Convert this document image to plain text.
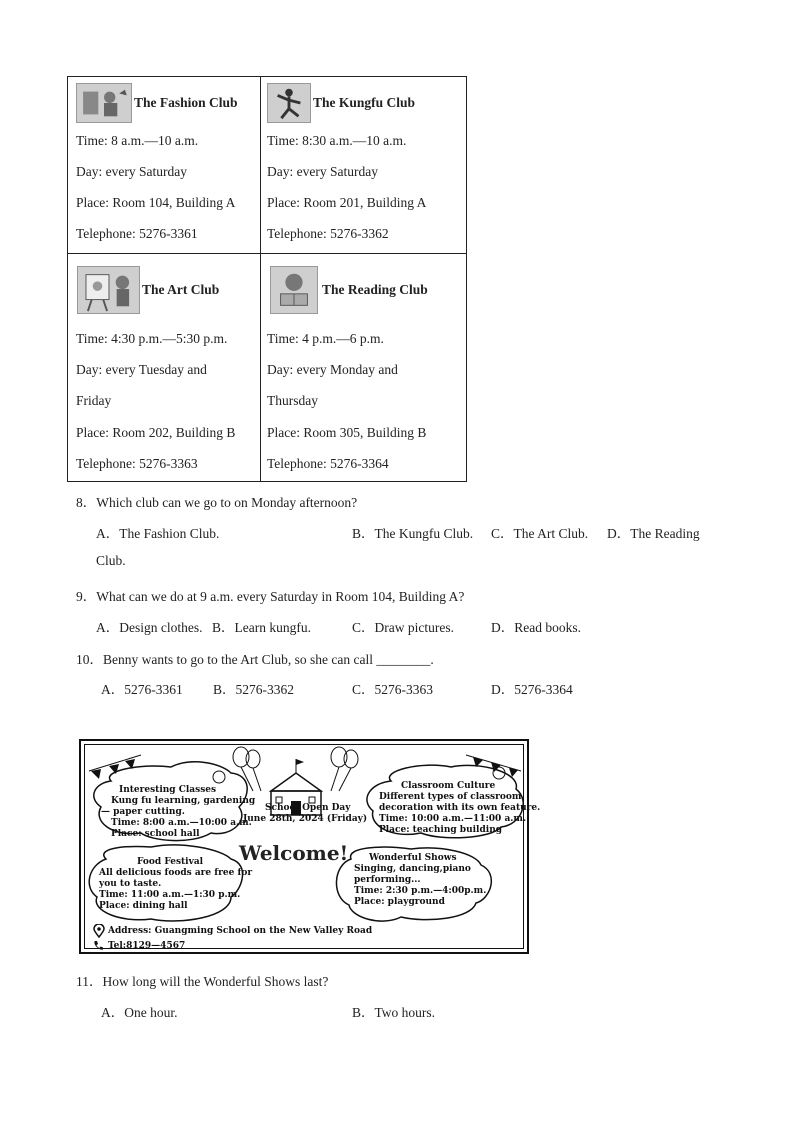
The Fashion Club
Time: 8 a.m.—10 a.m.
Day: every Saturday
Place: Room 104, Building A
Telephone: 5276-3361
The Kungfu Club
Time: 8:30 a.m.—10 a.m.
Day: every Saturday
Place: Room 201, Building A
Telephone: 5276-3362
The Art Club
Time: 4:30 p.m.—5:30 p.m.
Day: every Tuesday and
Friday
Place: Room 202, Building B
Telephone: 5276-3363
The Reading Club
Time: 4 p.m.—6 p.m.
Day: every Monday and
Thursday
Place: Room 305, Building B
Telephone: 5276-3364
8．Which club can we go to on Monday afternoon?
A．The Fashion Club.	B．The Kungfu Club. C．The Art Club. D．The Reading
Club.
9．What can we do at 9 a.m. every Saturday in Room 104, Building A?
A．Design clothes. B．Learn kungfu.	C．Draw pictures.	D．Read books.
10．Benny wants to go to the Art Club, so she can call ________.
A．5276-3361 B．5276-3362	C．5276-3363	D．5276-3364
Interesting Classes
Kung fu learning, gardening
— paper cutting.
Time: 8:00 a.m.—10:00 a.m.
Place: school hall
School Open Day
June 28th, 2024 (Friday)
Classroom Culture
Different types of classroom
decoration with its own feature.
Time: 10:00 a.m.—11:00 a.m.
Place: teaching building
Welcome!
Food Festival
All delicious foods are free for
you to taste.
Time: 11:00 a.m.—1:30 p.m.
Place: dining hall
Wonderful Shows
Singing, dancing,piano
performing...
Time: 2:30 p.m.—4:00p.m.
Place: playground
Address: Guangming School on the New Valley Road
Tel:8129—4567
11．How long will the Wonderful Shows last?
A．One hour.	B．Two hours.
